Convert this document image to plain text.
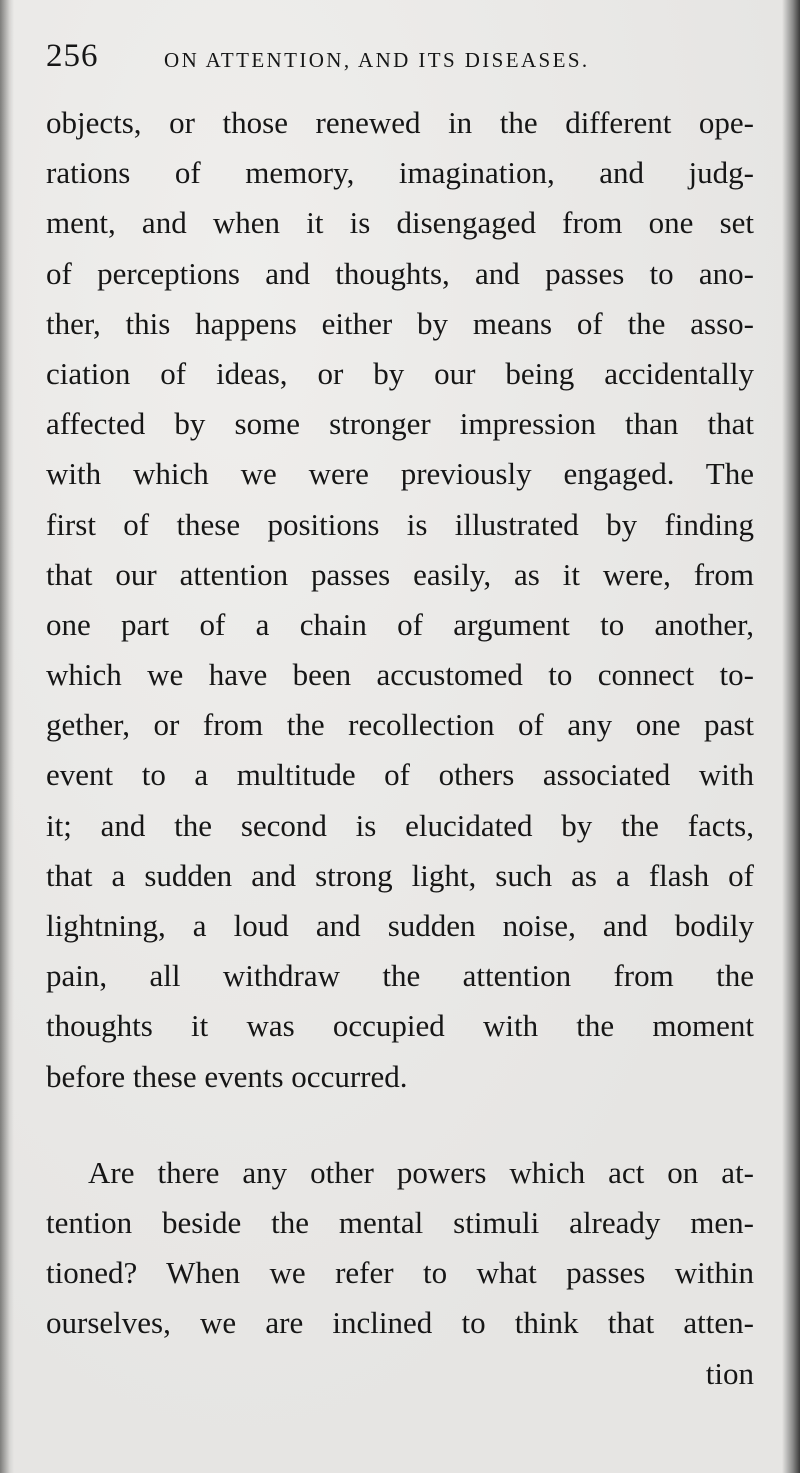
256	ON ATTENTION, AND ITS DISEASES.
objects, or those renewed in the different ope-
rations of memory, imagination, and judg-
ment, and when it is disengaged from one set
of perceptions and thoughts, and passes to ano-
ther, this happens either by means of the asso-
ciation of ideas, or by our being accidentally
affected by some stronger impression than that
with which we were previously engaged. The
first of these positions is illustrated by finding
that our attention passes easily, as it were, from
one part of a chain of argument to another,
which we have been accustomed to connect to-
gether, or from the recollection of any one past
event to a multitude of others associated with
it; and the second is elucidated by the facts,
that a sudden and strong light, such as a flash of
lightning, a loud and sudden noise, and bodily
pain, all withdraw the attention from the
thoughts it was occupied with the moment
before these events occurred.
Are there any other powers which act on at-
tention beside the mental stimuli already men-
tioned? When we refer to what passes within
ourselves, we are inclined to think that atten-
tion
